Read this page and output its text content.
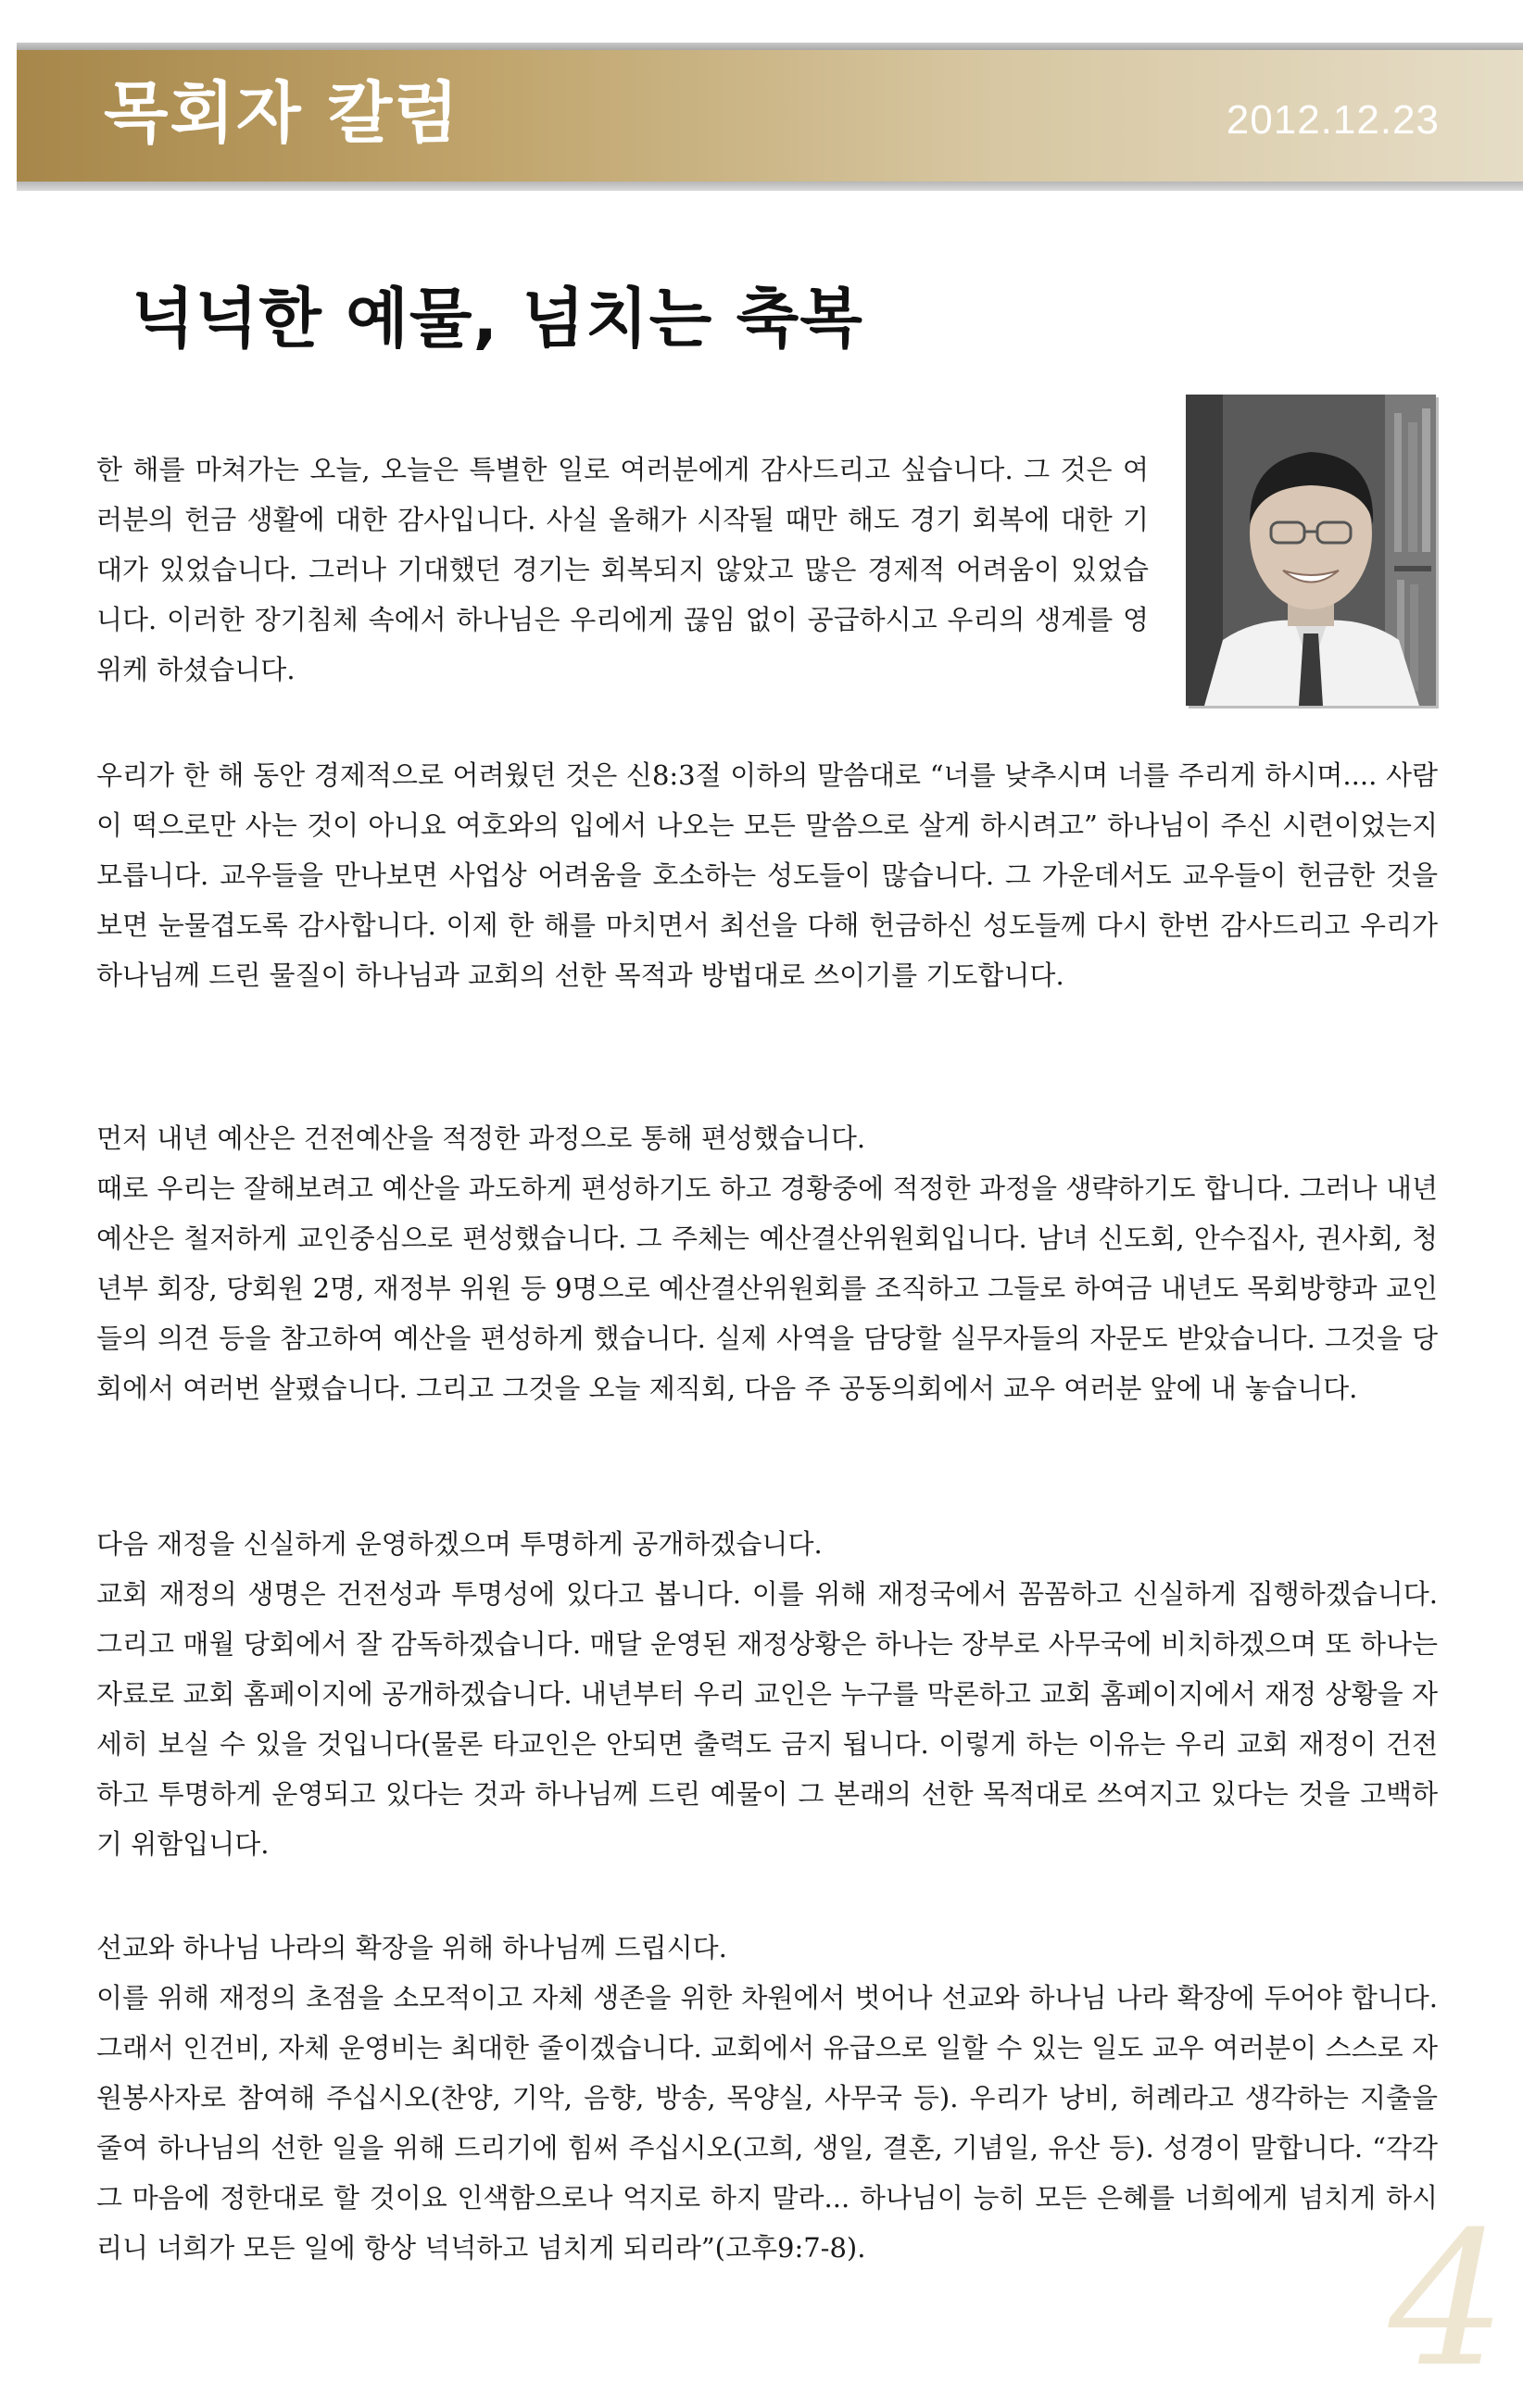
목회자 칼럼	2012.12.23
넉넉한 예물, 넘치는 축복

한 해를 마쳐가는 오늘, 오늘은 특별한 일로 여러분에게 감사드리고 싶습니다. 그 것은 여러분의 헌금 생활에 대한 감사입니다. 사실 올해가 시작될 때만 해도 경기 회복에 대한 기대가 있었습니다. 그러나 기대했던 경기는 회복되지 않았고 많은 경제적 어려움이 있었습니다. 이러한 장기침체 속에서 하나님은 우리에게 끊임 없이 공급하시고 우리의 생계를 영위케 하셨습니다.

우리가 한 해 동안 경제적으로 어려웠던 것은 신8:3절 이하의 말씀대로 “너를 낮추시며 너를 주리게 하시며.... 사람이 떡으로만 사는 것이 아니요 여호와의 입에서 나오는 모든 말씀으로 살게 하시려고” 하나님이 주신 시련이었는지 모릅니다. 교우들을 만나보면 사업상 어려움을 호소하는 성도들이 많습니다. 그 가운데서도 교우들이 헌금한 것을 보면 눈물겹도록 감사합니다. 이제 한 해를 마치면서 최선을 다해 헌금하신 성도들께 다시 한번 감사드리고 우리가 하나님께 드린 물질이 하나님과 교회의 선한 목적과 방법대로 쓰이기를 기도합니다.

먼저 내년 예산은 건전예산을 적정한 과정으로 통해 편성했습니다.

때로 우리는 잘해보려고 예산을 과도하게 편성하기도 하고 경황중에 적정한 과정을 생략하기도 합니다. 그러나 내년 예산은 철저하게 교인중심으로 편성했습니다. 그 주체는 예산결산위원회입니다. 남녀 신도회, 안수집사, 권사회, 청년부 회장, 당회원 2명, 재정부 위원 등 9명으로 예산결산위원회를 조직하고 그들로 하여금 내년도 목회방향과 교인들의 의견 등을 참고하여 예산을 편성하게 했습니다. 실제 사역을 담당할 실무자들의 자문도 받았습니다. 그것을 당회에서 여러번 살폈습니다. 그리고 그것을 오늘 제직회, 다음 주 공동의회에서 교우 여러분 앞에 내 놓습니다.

다음 재정을 신실하게 운영하겠으며 투명하게 공개하겠습니다.

교회 재정의 생명은 건전성과 투명성에 있다고 봅니다. 이를 위해 재정국에서 꼼꼼하고 신실하게 집행하겠습니다. 그리고 매월 당회에서 잘 감독하겠습니다. 매달 운영된 재정상황은 하나는 장부로 사무국에 비치하겠으며 또 하나는 자료로 교회 홈페이지에 공개하겠습니다. 내년부터 우리 교인은 누구를 막론하고 교회 홈페이지에서 재정 상황을 자세히 보실 수 있을 것입니다(물론 타교인은 안되면 출력도 금지 됩니다. 이렇게 하는 이유는 우리 교회 재정이 건전하고 투명하게 운영되고 있다는 것과 하나님께 드린 예물이 그 본래의 선한 목적대로 쓰여지고 있다는 것을 고백하기 위함입니다.

선교와 하나님 나라의 확장을 위해 하나님께 드립시다.

이를 위해 재정의 초점을 소모적이고 자체 생존을 위한 차원에서 벗어나 선교와 하나님 나라 확장에 두어야 합니다. 그래서 인건비, 자체 운영비는 최대한 줄이겠습니다. 교회에서 유급으로 일할 수 있는 일도 교우 여러분이 스스로 자원봉사자로 참여해 주십시오(찬양, 기악, 음향, 방송, 목양실, 사무국 등). 우리가 낭비, 허례라고 생각하는 지출을 줄여 하나님의 선한 일을 위해 드리기에 힘써 주십시오(고희, 생일, 결혼, 기념일, 유산 등). 성경이 말합니다. “각각 그 마음에 정한대로 할 것이요 인색함으로나 억지로 하지 말라... 하나님이 능히 모든 은혜를 너희에게 넘치게 하시리니 너희가 모든 일에 항상 넉넉하고 넘치게 되리라”(고후9:7-8).	4
